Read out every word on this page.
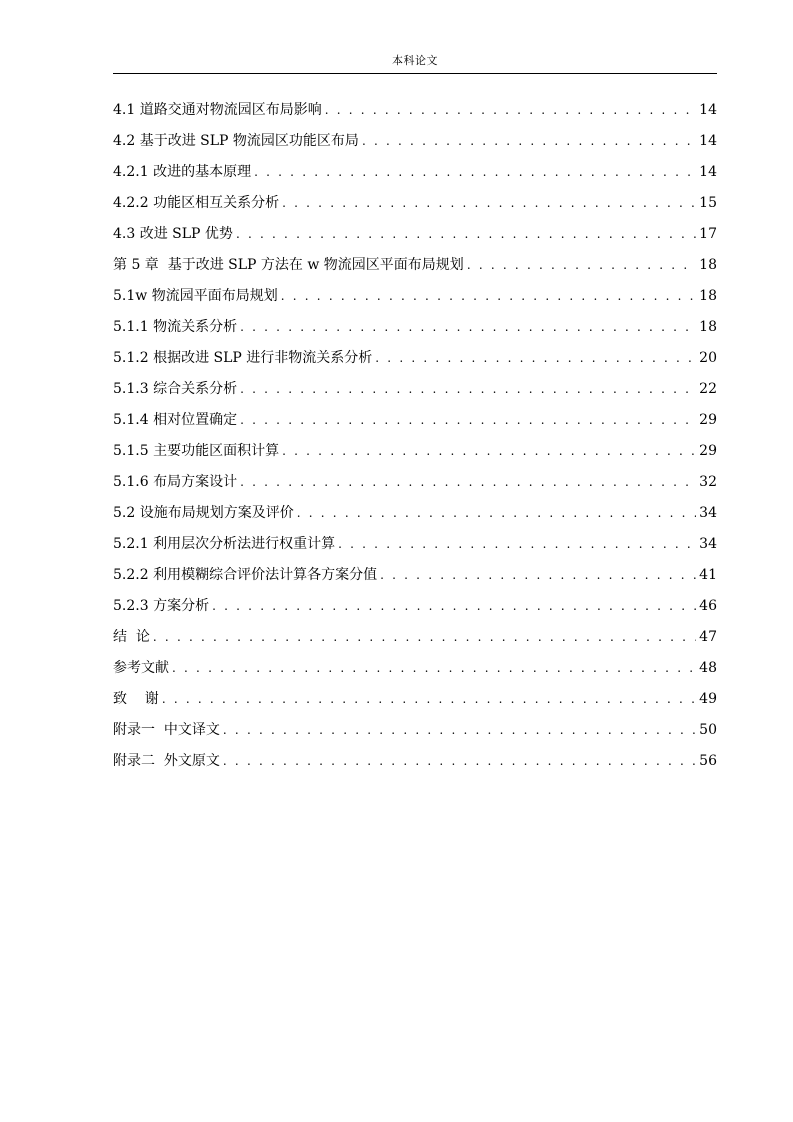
本科论文
4.1 道路交通对物流园区布局影响 . . .	14
4.2 基于改进 SLP 物流园区功能区布局 . . .	14
4.2.1 改进的基本原理 . . .	14
4.2.2 功能区相互关系分析 . . .	15
4.3 改进 SLP 优势 . . .	17
第 5 章  基于改进 SLP 方法在 w 物流园区平面布局规划 . . .	18
5.1w 物流园平面布局规划 . . .	18
5.1.1 物流关系分析 . . .	18
5.1.2 根据改进 SLP 进行非物流关系分析 . . .	20
5.1.3 综合关系分析 . . .	22
5.1.4 相对位置确定 . . .	29
5.1.5 主要功能区面积计算 . . .	29
5.1.6 布局方案设计 . . .	32
5.2 设施布局规划方案及评价 . . .	34
5.2.1 利用层次分析法进行权重计算 . . .	34
5.2.2 利用模糊综合评价法计算各方案分值 . . .	41
5.2.3 方案分析 . . .	46
结  论 . . .	47
参考文献 . . .	48
致    谢 . . .	49
附录一  中文译文 . . .	50
附录二  外文原文 . . .	56
